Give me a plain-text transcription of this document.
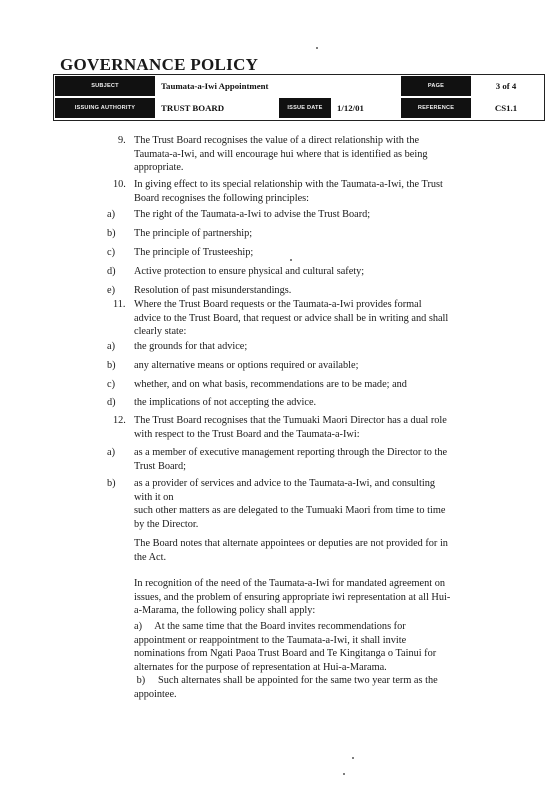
GOVERNANCE POLICY
SUBJECT	Taumata-a-Iwi Appointment	PAGE	3 of 4
ISSUING AUTHORITY	TRUST BOARD	ISSUE DATE	1/12/01	REFERENCE	CS1.1
9. The Trust Board recognises the value of a direct relationship with the
Taumata-a-Iwi, and will encourage hui where that is identified as being
appropriate.
10. In giving effect to its special relationship with the Taumata-a-Iwi, the Trust
Board recognises the following principles:
a) The right of the Taumata-a-Iwi to advise the Trust Board;
b) The principle of partnership;
c) The principle of Trusteeship;
d) Active protection to ensure physical and cultural safety;
e) Resolution of past misunderstandings.
11. Where the Trust Board requests or the Taumata-a-Iwi provides formal
advice to the Trust Board, that request or advice shall be in writing and shall
clearly state:
a) the grounds for that advice;
b) any alternative means or options required or available;
c) whether, and on what basis, recommendations are to be made; and
d) the implications of not accepting the advice.
12. The Trust Board recognises that the Tumuaki Maori Director has a dual role
with respect to the Trust Board and the Taumata-a-Iwi:
a) as a member of executive management reporting through the Director to the
Trust Board;
b) as a provider of services and advice to the Taumata-a-Iwi, and consulting
with it on
such other matters as are delegated to the Tumuaki Maori from time to time
by the Director.
The Board notes that alternate appointees or deputies are not provided for in
the Act.
In recognition of the need of the Taumata-a-Iwi for mandated agreement on
issues, and the problem of ensuring appropriate iwi representation at all Hui-
a-Marama, the following policy shall apply:
a)     At the same time that the Board invites recommendations for
appointment or reappointment to the Taumata-a-Iwi, it shall invite
nominations from Ngati Paoa Trust Board and Te Kingitanga o Tainui for
alternates for the purpose of representation at Hui-a-Marama.
b)     Such alternates shall be appointed for the same two year term as the
appointee.
